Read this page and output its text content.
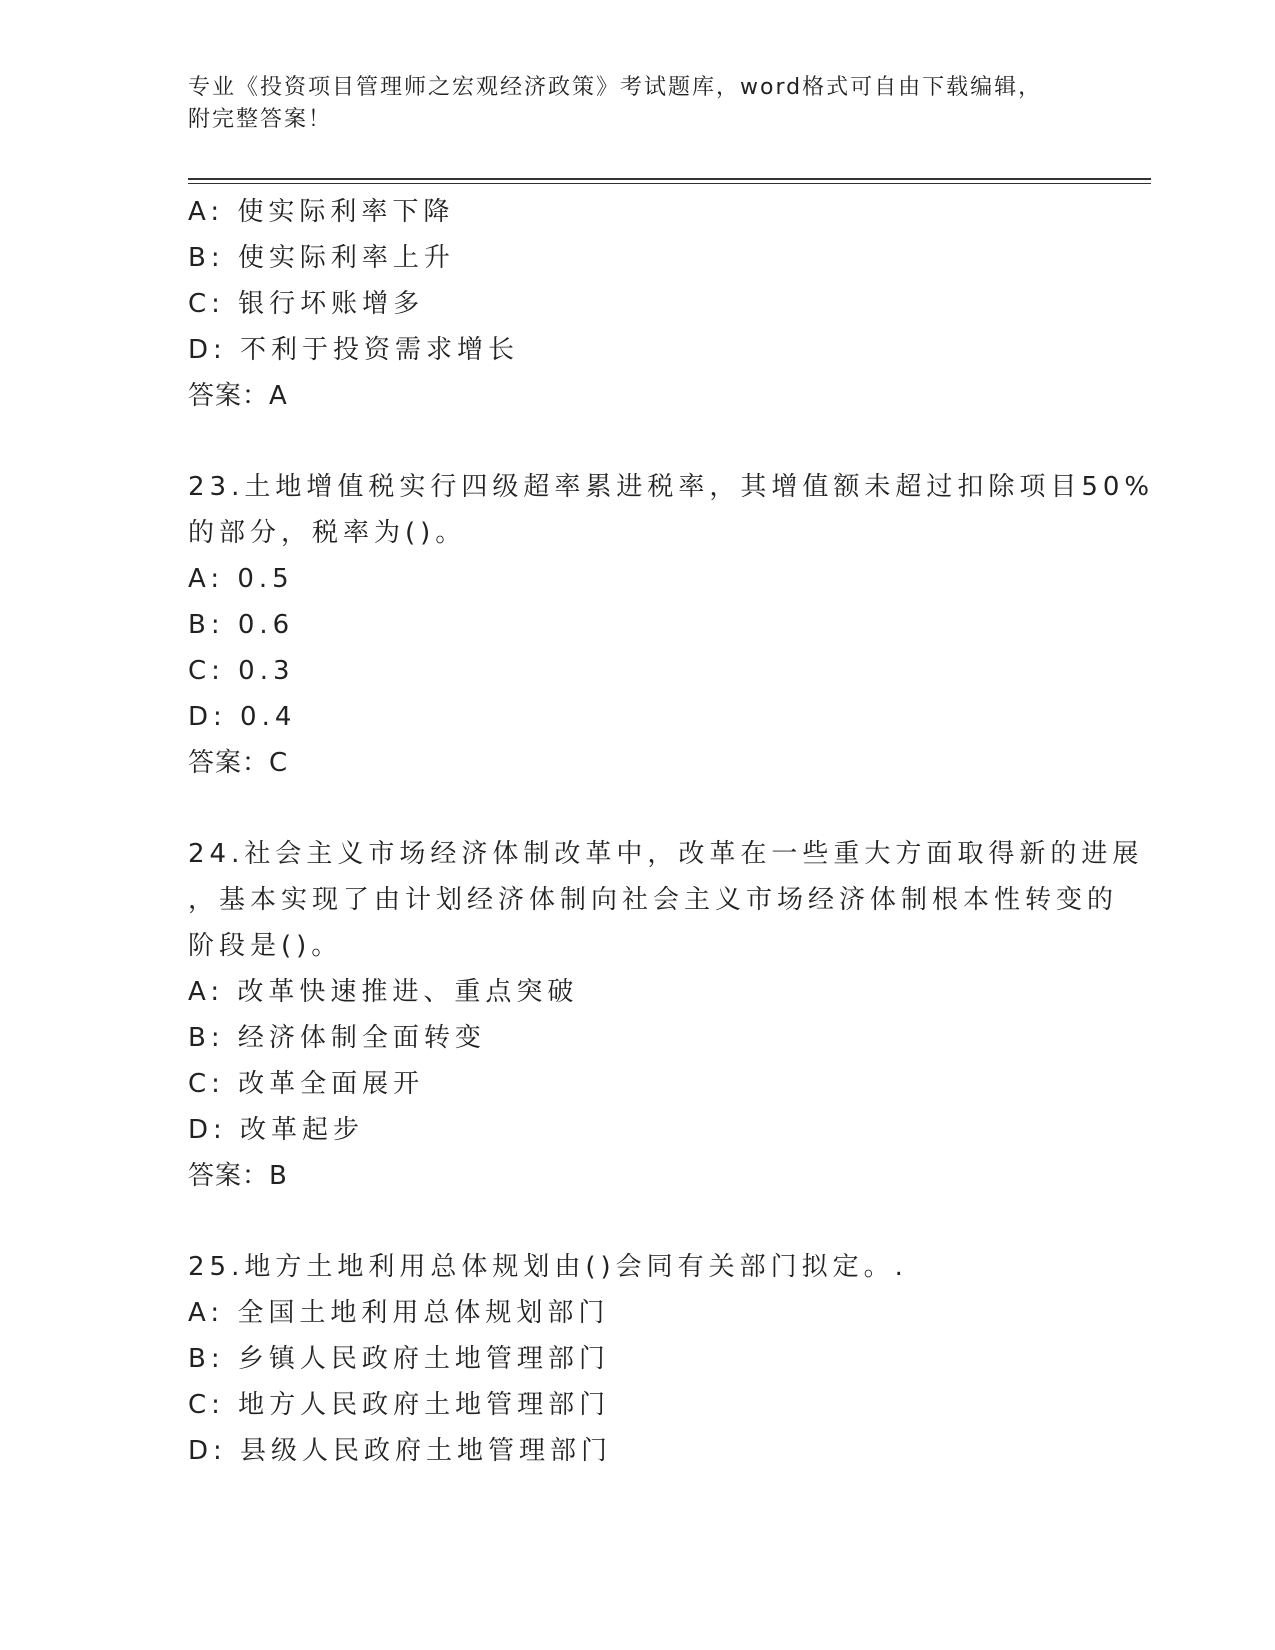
专业《投资项目管理师之宏观经济政策》考试题库，word格式可自由下载编辑，
附完整答案！
A: 使实际利率下降
B: 使实际利率上升
C: 银行坏账增多
D: 不利于投资需求增长
答案：A
23.土地增值税实行四级超率累进税率，其增值额未超过扣除项目50%
的部分，税率为()。
A: 0.5
B: 0.6
C: 0.3
D: 0.4
答案：C
24.社会主义市场经济体制改革中，改革在一些重大方面取得新的进展
，基本实现了由计划经济体制向社会主义市场经济体制根本性转变的
阶段是()。
A: 改革快速推进、重点突破
B: 经济体制全面转变
C: 改革全面展开
D: 改革起步
答案：B
25.地方土地利用总体规划由()会同有关部门拟定。.
A: 全国土地利用总体规划部门
B: 乡镇人民政府土地管理部门
C: 地方人民政府土地管理部门
D: 县级人民政府土地管理部门
